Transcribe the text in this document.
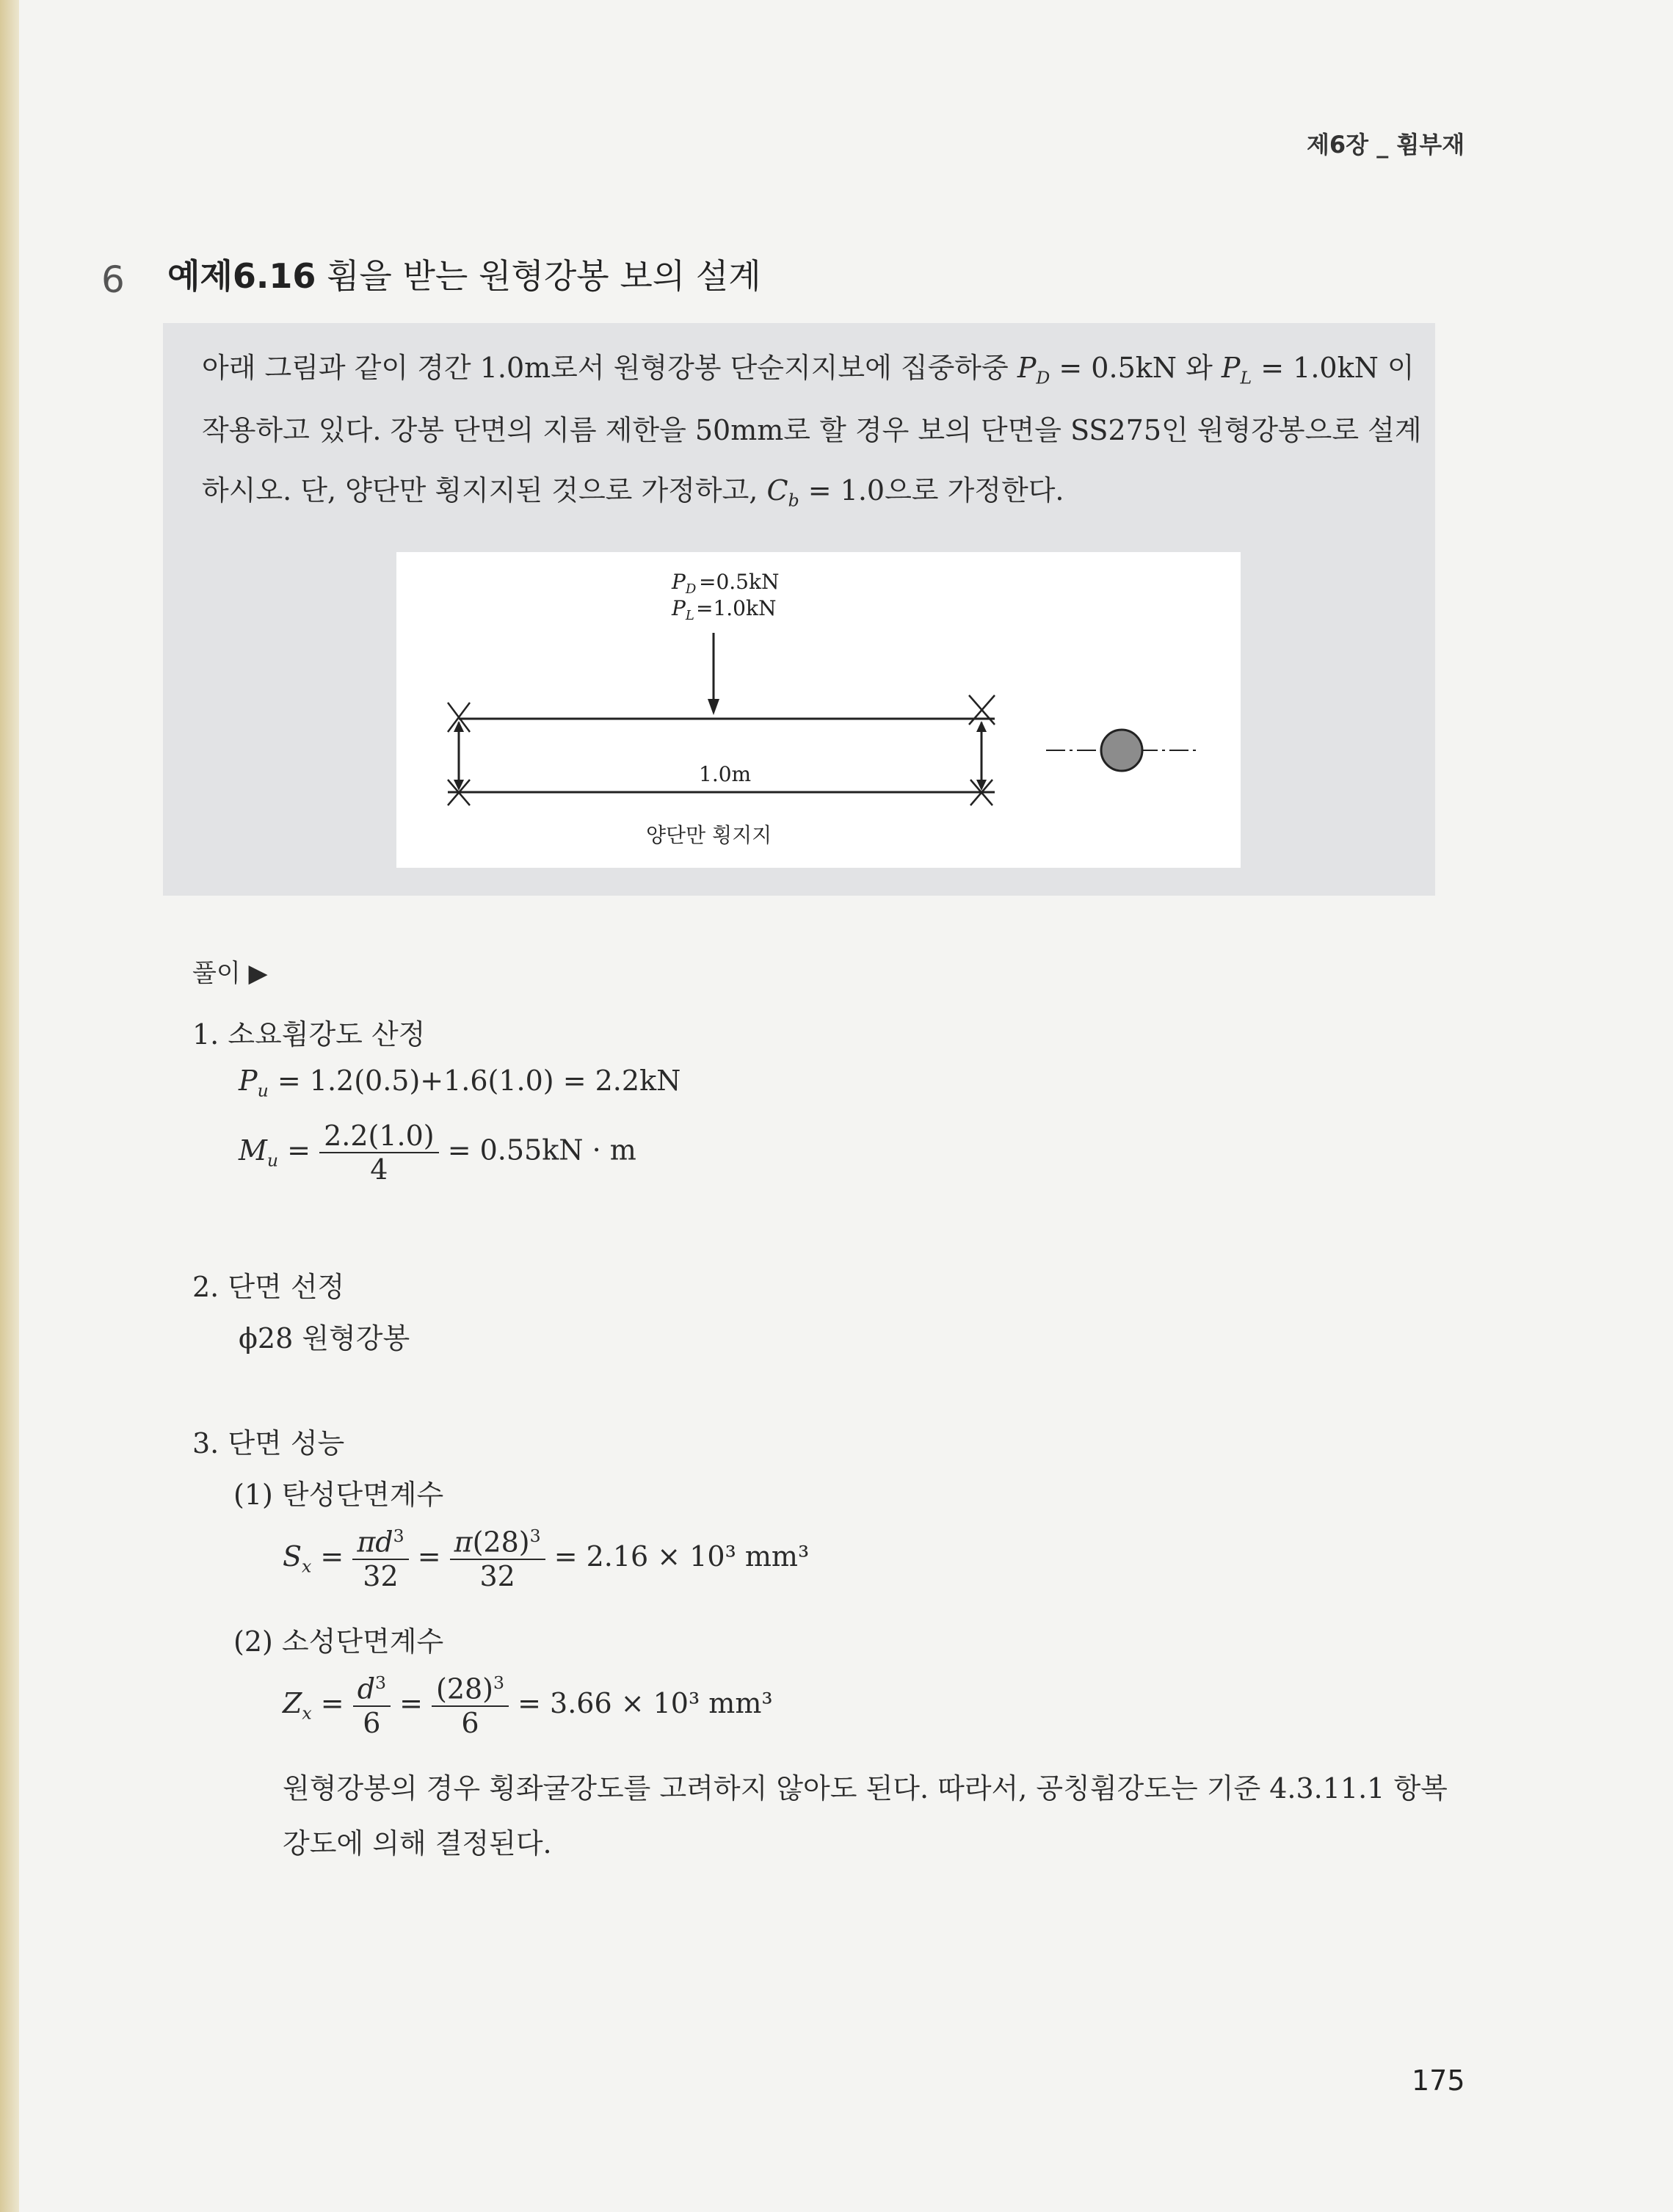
제6장 _ 휨부재
6 예제6.16 휨을 받는 원형강봉 보의 설계
아래 그림과 같이 경간 1.0m로서 원형강봉 단순지지보에 집중하중 $P_D = 0.5kN$ 와 $P_L = 1.0kN$ 이
작용하고 있다. 강봉 단면의 지름 제한을 50mm로 할 경우 보의 단면을 SS275인 원형강봉으로 설계
하시오. 단, 양단만 횡지지된 것으로 가정하고, $C_b = 1.0$으로 가정한다.
$P_D =0.5kN$
$P_L =1.0kN$
1.0m
양단만 횡지지
풀이 ▶
1. 소요휨강도 산정
$P_u = 1.2(0.5)+1.6(1.0) = 2.2kN$
$M_u = \frac{2.2(1.0)}{4} = 0.55kN \cdot m$
2. 단면 선정
ϕ28 원형강봉
3. 단면 성능
(1) 탄성단면계수
$S_x = \frac{\pi d^3}{32} = \frac{\pi(28)^3}{32} = 2.16 \times 10^3$ mm³
(2) 소성단면계수
$Z_x = \frac{d^3}{6} = \frac{(28)^3}{6} = 3.66 \times 10^3$ mm³
원형강봉의 경우 횡좌굴강도를 고려하지 않아도 된다. 따라서, 공칭휨강도는 기준 4.3.11.1 항복
강도에 의해 결정된다.
175
